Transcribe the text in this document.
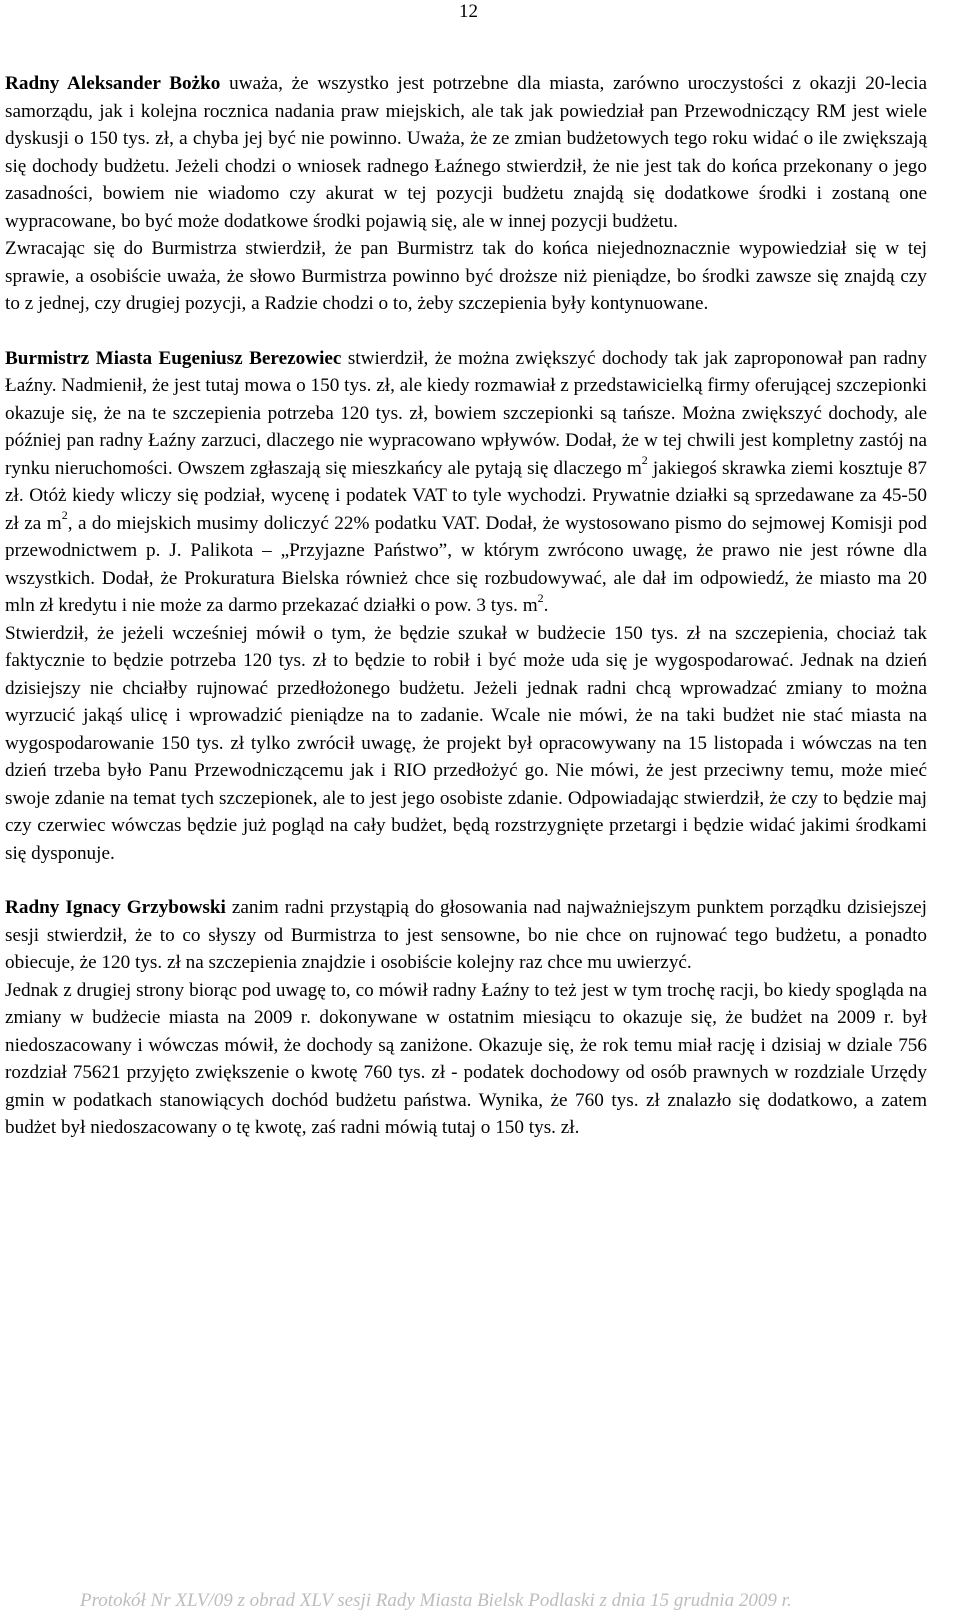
12

Radny Aleksander Bożko uważa, że wszystko jest potrzebne dla miasta, zarówno uroczystości z okazji 20-lecia samorządu, jak i kolejna rocznica nadania praw miejskich, ale tak jak powiedział pan Przewodniczący RM jest wiele dyskusji o 150 tys. zł, a chyba jej być nie powinno. Uważa, że ze zmian budżetowych tego roku widać o ile zwiększają się dochody budżetu. Jeżeli chodzi o wniosek radnego Łaźnego stwierdził, że nie jest tak do końca przekonany o jego zasadności, bowiem nie wiadomo czy akurat w tej pozycji budżetu znajdą się dodatkowe środki i zostaną one wypracowane, bo być może dodatkowe środki pojawią się, ale w innej pozycji budżetu.

Zwracając się do Burmistrza stwierdził, że pan Burmistrz tak do końca niejednoznacznie wypowiedział się w tej sprawie, a osobiście uważa, że słowo Burmistrza powinno być droższe niż pieniądze, bo środki zawsze się znajdą czy to z jednej, czy drugiej pozycji, a Radzie chodzi o to, żeby szczepienia były kontynuowane.

Burmistrz Miasta Eugeniusz Berezowiec stwierdził, że można zwiększyć dochody tak jak zaproponował pan radny Łaźny. Nadmienił, że jest tutaj mowa o 150 tys. zł, ale kiedy rozmawiał z przedstawicielką firmy oferującej szczepionki okazuje się, że na te szczepienia potrzeba 120 tys. zł, bowiem szczepionki są tańsze. Można zwiększyć dochody, ale później pan radny Łaźny zarzuci, dlaczego nie wypracowano wpływów. Dodał, że w tej chwili jest kompletny zastój na rynku nieruchomości. Owszem zgłaszają się mieszkańcy ale pytają się dlaczego $m^2$ jakiegoś skrawka ziemi kosztuje 87 zł. Otóż kiedy wliczy się podział, wycenę i podatek VAT to tyle wychodzi. Prywatnie działki są sprzedawane za 45-50 zł za $m^2$, a do miejskich musimy doliczyć 22% podatku VAT. Dodał, że wystosowano pismo do sejmowej Komisji pod przewodnictwem p. J. Palikota – „Przyjazne Państwo”, w którym zwrócono uwagę, że prawo nie jest równe dla wszystkich. Dodał, że Prokuratura Bielska również chce się rozbudowywać, ale dał im odpowiedź, że miasto ma 20 mln zł kredytu i nie może za darmo przekazać działki o pow. 3 tys. $m^2$.

Stwierdził, że jeżeli wcześniej mówił o tym, że będzie szukał w budżecie 150 tys. zł na szczepienia, chociaż tak faktycznie to będzie potrzeba 120 tys. zł to będzie to robił i być może uda się je wygospodarować. Jednak na dzień dzisiejszy nie chciałby rujnować przedłożonego budżetu. Jeżeli jednak radni chcą wprowadzać zmiany to można wyrzucić jakąś ulicę i wprowadzić pieniądze na to zadanie. Wcale nie mówi, że na taki budżet nie stać miasta na wygospodarowanie 150 tys. zł tylko zwrócił uwagę, że projekt był opracowywany na 15 listopada i wówczas na ten dzień trzeba było Panu Przewodniczącemu jak i RIO przedłożyć go. Nie mówi, że jest przeciwny temu, może mieć swoje zdanie na temat tych szczepionek, ale to jest jego osobiste zdanie. Odpowiadając stwierdził, że czy to będzie maj czy czerwiec wówczas będzie już pogląd na cały budżet, będą rozstrzygnięte przetargi i będzie widać jakimi środkami się dysponuje.

Radny Ignacy Grzybowski zanim radni przystąpią do głosowania nad najważniejszym punktem porządku dzisiejszej sesji stwierdził, że to co słyszy od Burmistrza to jest sensowne, bo nie chce on rujnować tego budżetu, a ponadto obiecuje, że 120 tys. zł na szczepienia znajdzie i osobiście kolejny raz chce mu uwierzyć.

Jednak z drugiej strony biorąc pod uwagę to, co mówił radny Łaźny to też jest w tym trochę racji, bo kiedy spogląda na zmiany w budżecie miasta na 2009 r. dokonywane w ostatnim miesiącu to okazuje się, że budżet na 2009 r. był niedoszacowany i wówczas mówił, że dochody są zaniżone. Okazuje się, że rok temu miał rację i dzisiaj w dziale 756 rozdział 75621 przyjęto zwiększenie o kwotę 760 tys. zł - podatek dochodowy od osób prawnych w rozdziale Urzędy gmin w podatkach stanowiących dochód budżetu państwa. Wynika, że 760 tys. zł znalazło się dodatkowo, a zatem budżet był niedoszacowany o tę kwotę, zaś radni mówią tutaj o 150 tys. zł.

Protokół Nr XLV/09 z obrad XLV sesji Rady Miasta Bielsk Podlaski z dnia 15 grudnia 2009 r.
